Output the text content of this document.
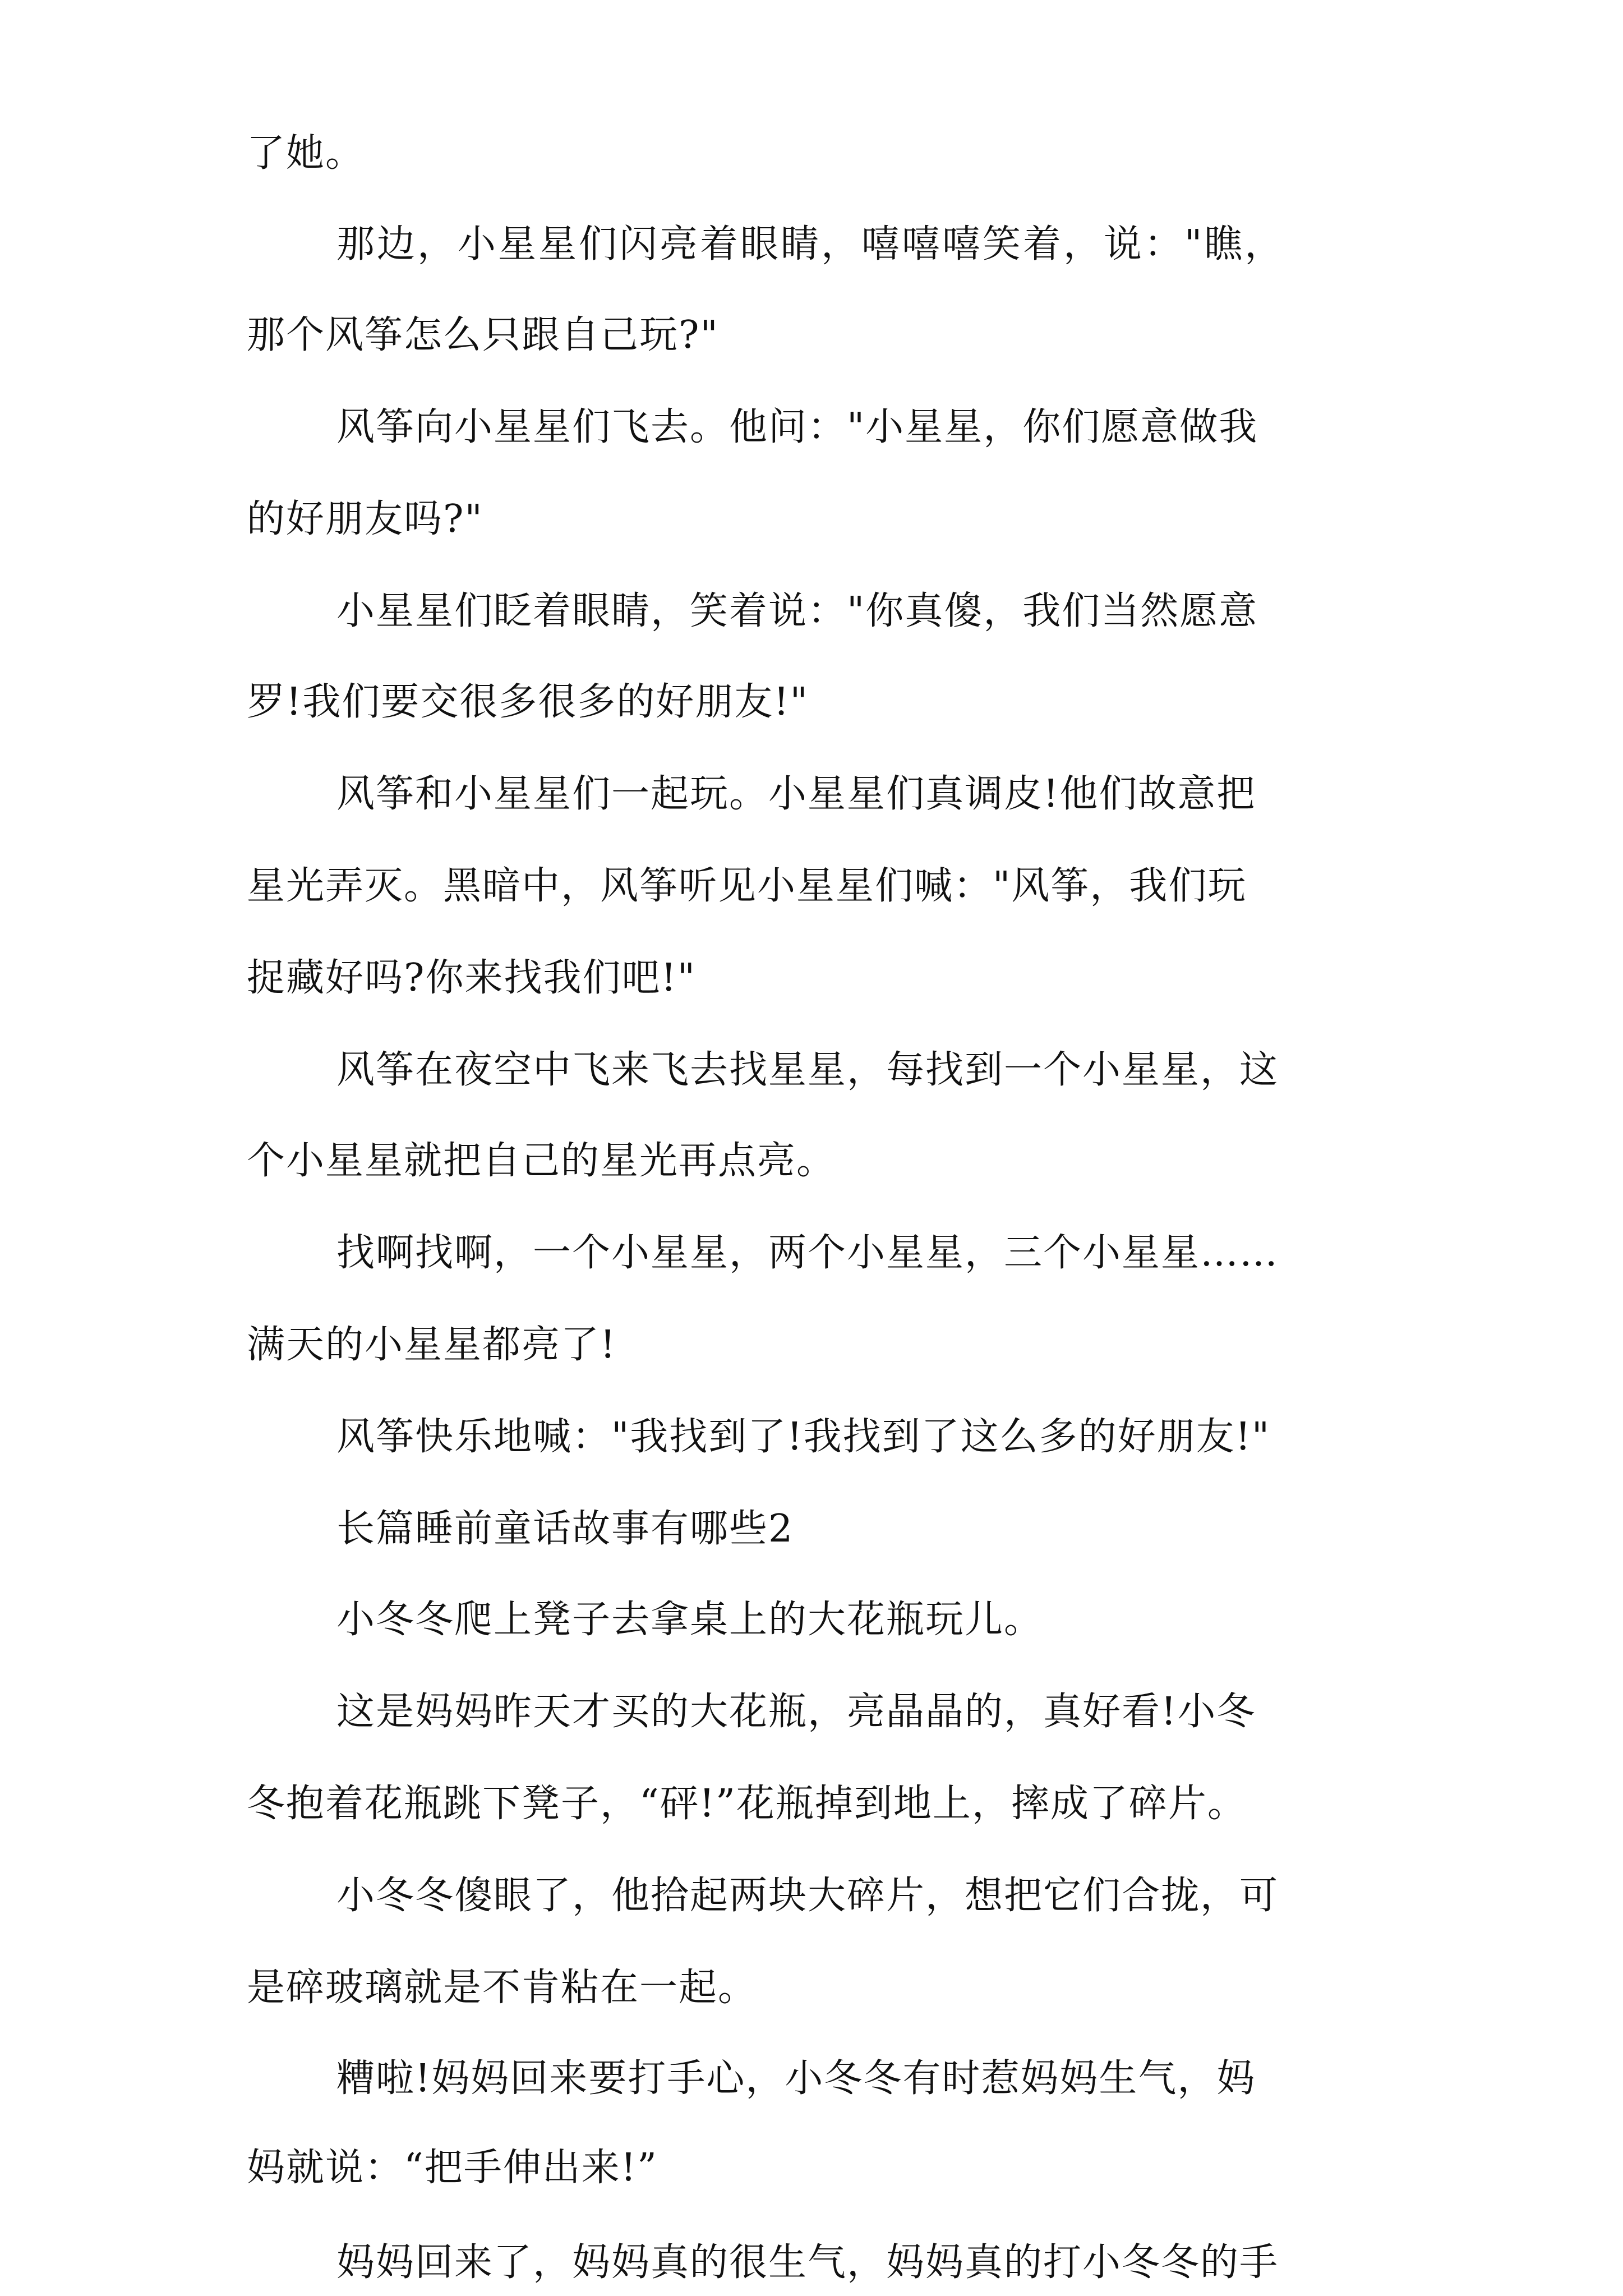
了她。

那边，小星星们闪亮着眼睛，嘻嘻嘻笑着，说："瞧，

那个风筝怎么只跟自己玩?"

风筝向小星星们飞去。他问："小星星，你们愿意做我

的好朋友吗?"

小星星们眨着眼睛，笑着说："你真傻，我们当然愿意

罗!我们要交很多很多的好朋友!"

风筝和小星星们一起玩。小星星们真调皮!他们故意把

星光弄灭。黑暗中，风筝听见小星星们喊："风筝，我们玩

捉藏好吗?你来找我们吧!"

风筝在夜空中飞来飞去找星星，每找到一个小星星，这

个小星星就把自己的星光再点亮。

找啊找啊，一个小星星，两个小星星，三个小星星……

满天的小星星都亮了!

风筝快乐地喊："我找到了!我找到了这么多的好朋友!"

长篇睡前童话故事有哪些2

小冬冬爬上凳子去拿桌上的大花瓶玩儿。

这是妈妈昨天才买的大花瓶，亮晶晶的，真好看!小冬

冬抱着花瓶跳下凳子，“砰!”花瓶掉到地上，摔成了碎片。

小冬冬傻眼了，他拾起两块大碎片，想把它们合拢，可

是碎玻璃就是不肯粘在一起。

糟啦!妈妈回来要打手心，小冬冬有时惹妈妈生气，妈

妈就说：“把手伸出来!”

妈妈回来了，妈妈真的很生气，妈妈真的打小冬冬的手
